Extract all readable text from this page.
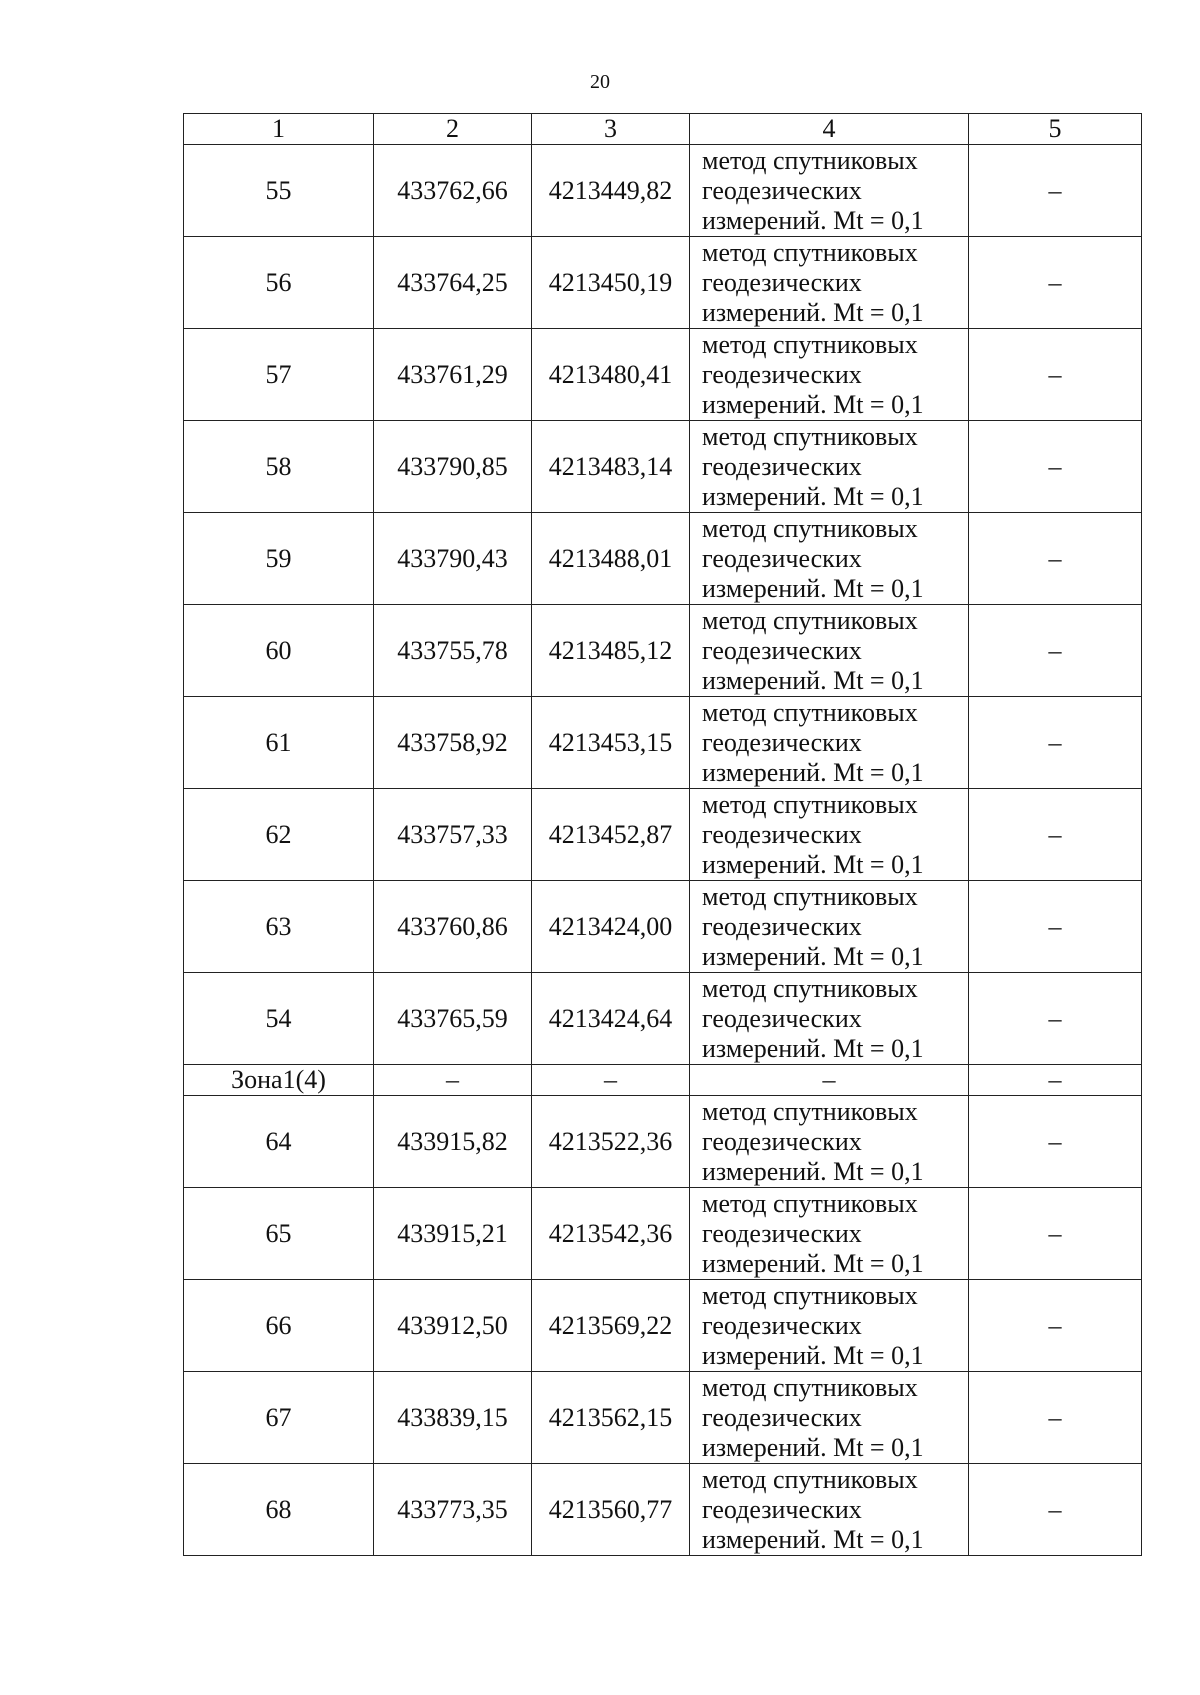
20
1	2	3	4	5
55	433762,66	4213449,82	метод спутниковых
геодезических
измерений. Mt = 0,1	–
56	433764,25	4213450,19	метод спутниковых
геодезических
измерений. Mt = 0,1	–
57	433761,29	4213480,41	метод спутниковых
геодезических
измерений. Mt = 0,1	–
58	433790,85	4213483,14	метод спутниковых
геодезических
измерений. Mt = 0,1	–
59	433790,43	4213488,01	метод спутниковых
геодезических
измерений. Mt = 0,1	–
60	433755,78	4213485,12	метод спутниковых
геодезических
измерений. Mt = 0,1	–
61	433758,92	4213453,15	метод спутниковых
геодезических
измерений. Mt = 0,1	–
62	433757,33	4213452,87	метод спутниковых
геодезических
измерений. Mt = 0,1	–
63	433760,86	4213424,00	метод спутниковых
геодезических
измерений. Mt = 0,1	–
54	433765,59	4213424,64	метод спутниковых
геодезических
измерений. Mt = 0,1	–
Зона1(4)	–	–	–	–
64	433915,82	4213522,36	метод спутниковых
геодезических
измерений. Mt = 0,1	–
65	433915,21	4213542,36	метод спутниковых
геодезических
измерений. Mt = 0,1	–
66	433912,50	4213569,22	метод спутниковых
геодезических
измерений. Mt = 0,1	–
67	433839,15	4213562,15	метод спутниковых
геодезических
измерений. Mt = 0,1	–
68	433773,35	4213560,77	метод спутниковых
геодезических
измерений. Mt = 0,1	–
